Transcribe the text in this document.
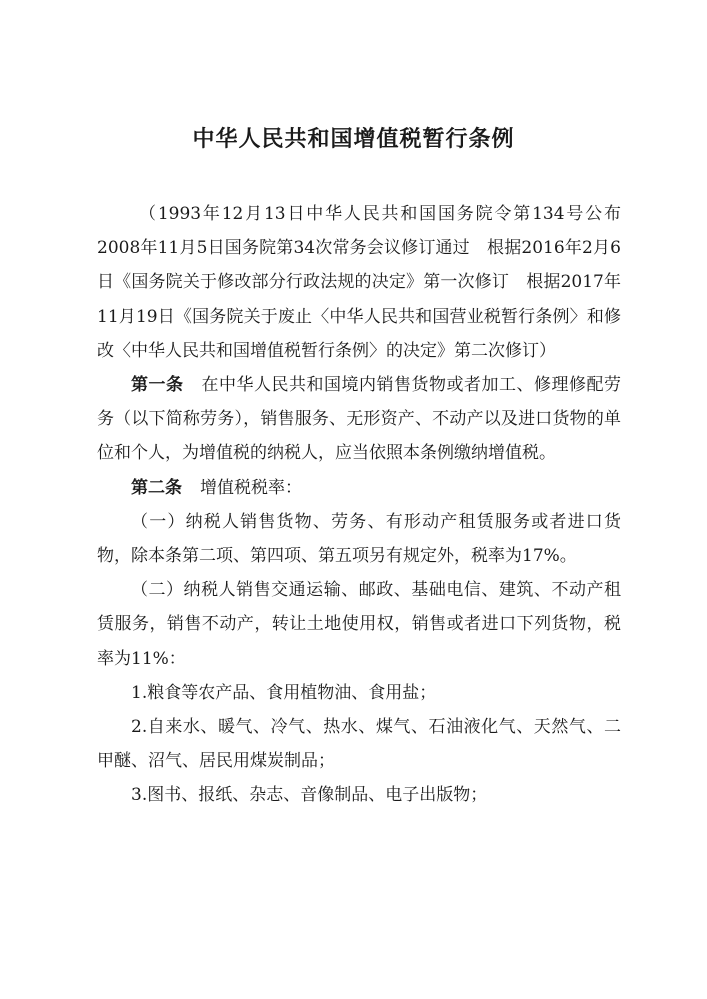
中华人民共和国增值税暂行条例

（1993年12月13日中华人民共和国国务院令第134号公布　2008年11月5日国务院第34次常务会议修订通过　根据2016年2月6日《国务院关于修改部分行政法规的决定》第一次修订　根据2017年11月19日《国务院关于废止〈中华人民共和国营业税暂行条例〉和修改〈中华人民共和国增值税暂行条例〉的决定》第二次修订）

第一条 在中华人民共和国境内销售货物或者加工、修理修配劳务（以下简称劳务），销售服务、无形资产、不动产以及进口货物的单位和个人，为增值税的纳税人，应当依照本条例缴纳增值税。

第二条 增值税税率：

（一）纳税人销售货物、劳务、有形动产租赁服务或者进口货物，除本条第二项、第四项、第五项另有规定外，税率为17%。

（二）纳税人销售交通运输、邮政、基础电信、建筑、不动产租赁服务，销售不动产，转让土地使用权，销售或者进口下列货物，税率为11%：

1.粮食等农产品、食用植物油、食用盐；

2.自来水、暖气、冷气、热水、煤气、石油液化气、天然气、二甲醚、沼气、居民用煤炭制品；

3.图书、报纸、杂志、音像制品、电子出版物；
